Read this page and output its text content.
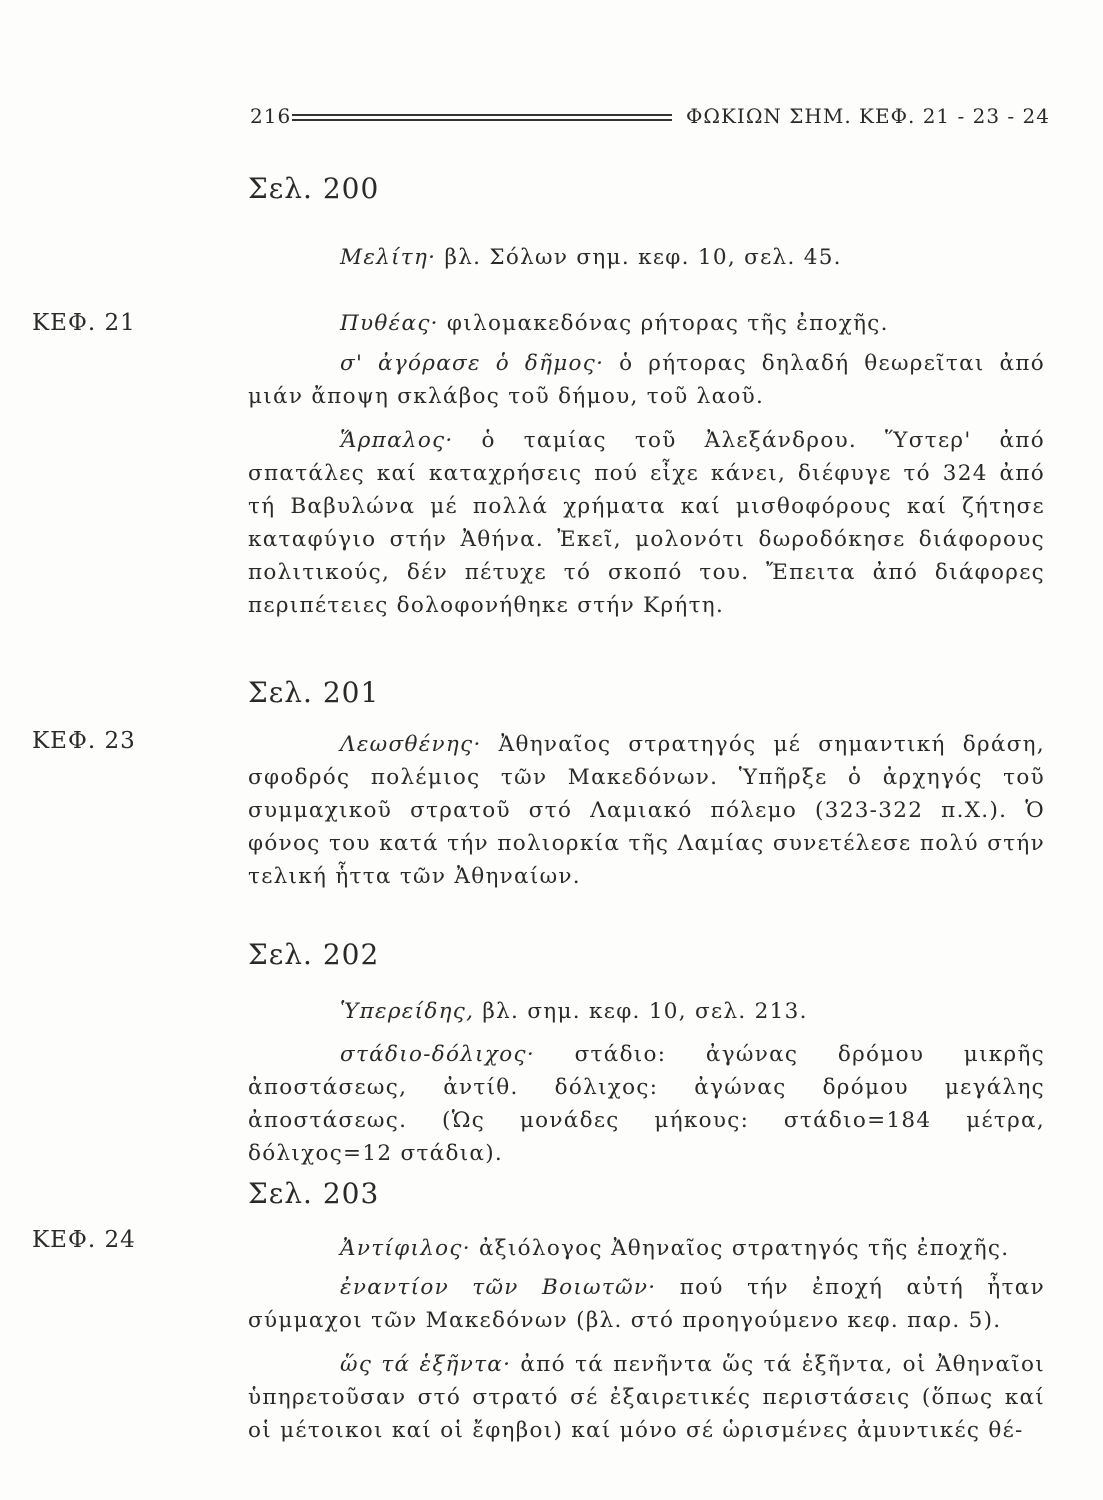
216	ΦΩΚΙΩΝ ΣΗΜ. ΚΕΦ. 21 - 23 - 24
Σελ. 200

Μελίτη· βλ. Σόλων σημ. κεφ. 10, σελ. 45.

ΚΕΦ. 21	Πυθέας· φιλομακεδόνας ρήτορας τῆς ἐποχῆς.

σ' ἀγόρασε ὁ δῆμος· ὁ ρήτορας δηλαδή θεωρεῖται ἀπό μιάν ἄποψη σκλάβος τοῦ δήμου, τοῦ λαοῦ.

Ἅρπαλος· ὁ ταμίας τοῦ Ἀλεξάνδρου. Ὕστερ' ἀπό σπατάλες καί καταχρήσεις πού εἶχε κάνει, διέφυγε τό 324 ἀπό τή Βαβυλώνα μέ πολλά χρήματα καί μισθοφόρους καί ζήτησε καταφύγιο στήν Ἀθήνα. Ἐκεῖ, μολονότι δωροδόκησε διάφορους πολιτικούς, δέν πέτυχε τό σκοπό του. Ἔπειτα ἀπό διάφορες περιπέτειες δολοφονήθηκε στήν Κρήτη.

Σελ. 201
ΚΕΦ. 23	Λεωσθένης· Ἀθηναῖος στρατηγός μέ σημαντική δράση, σφοδρός πολέμιος τῶν Μακεδόνων. Ὑπῆρξε ὁ ἀρχηγός τοῦ συμμαχικοῦ στρατοῦ στό Λαμιακό πόλεμο (323-322 π.Χ.). Ὁ φόνος του κατά τήν πολιορκία τῆς Λαμίας συνετέλεσε πολύ στήν τελική ἧττα τῶν Ἀθηναίων.

Σελ. 202

Ὑπερείδης, βλ. σημ. κεφ. 10, σελ. 213.

στάδιο-δόλιχος· στάδιο: ἀγώνας δρόμου μικρῆς ἀποστάσεως, ἀντίθ. δόλιχος: ἀγώνας δρόμου μεγάλης ἀποστάσεως. (Ὡς μονάδες μήκους: στάδιο=184 μέτρα, δόλιχος=12 στάδια).

Σελ. 203
ΚΕΦ. 24	Ἀντίφιλος· ἀξιόλογος Ἀθηναῖος στρατηγός τῆς ἐποχῆς.

ἐναντίον τῶν Βοιωτῶν· πού τήν ἐποχή αὐτή ἦταν σύμμαχοι τῶν Μακεδόνων (βλ. στό προηγούμενο κεφ. παρ. 5).

ὥς τά ἑξῆντα· ἀπό τά πενῆντα ὥς τά ἑξῆντα, οἱ Ἀθηναῖοι ὑπηρετοῦσαν στό στρατό σέ ἐξαιρετικές περιστάσεις (ὅπως καί οἱ μέτοικοι καί οἱ ἔφηβοι) καί μόνο σέ ὡρισμένες ἀμυντικές θέ-
